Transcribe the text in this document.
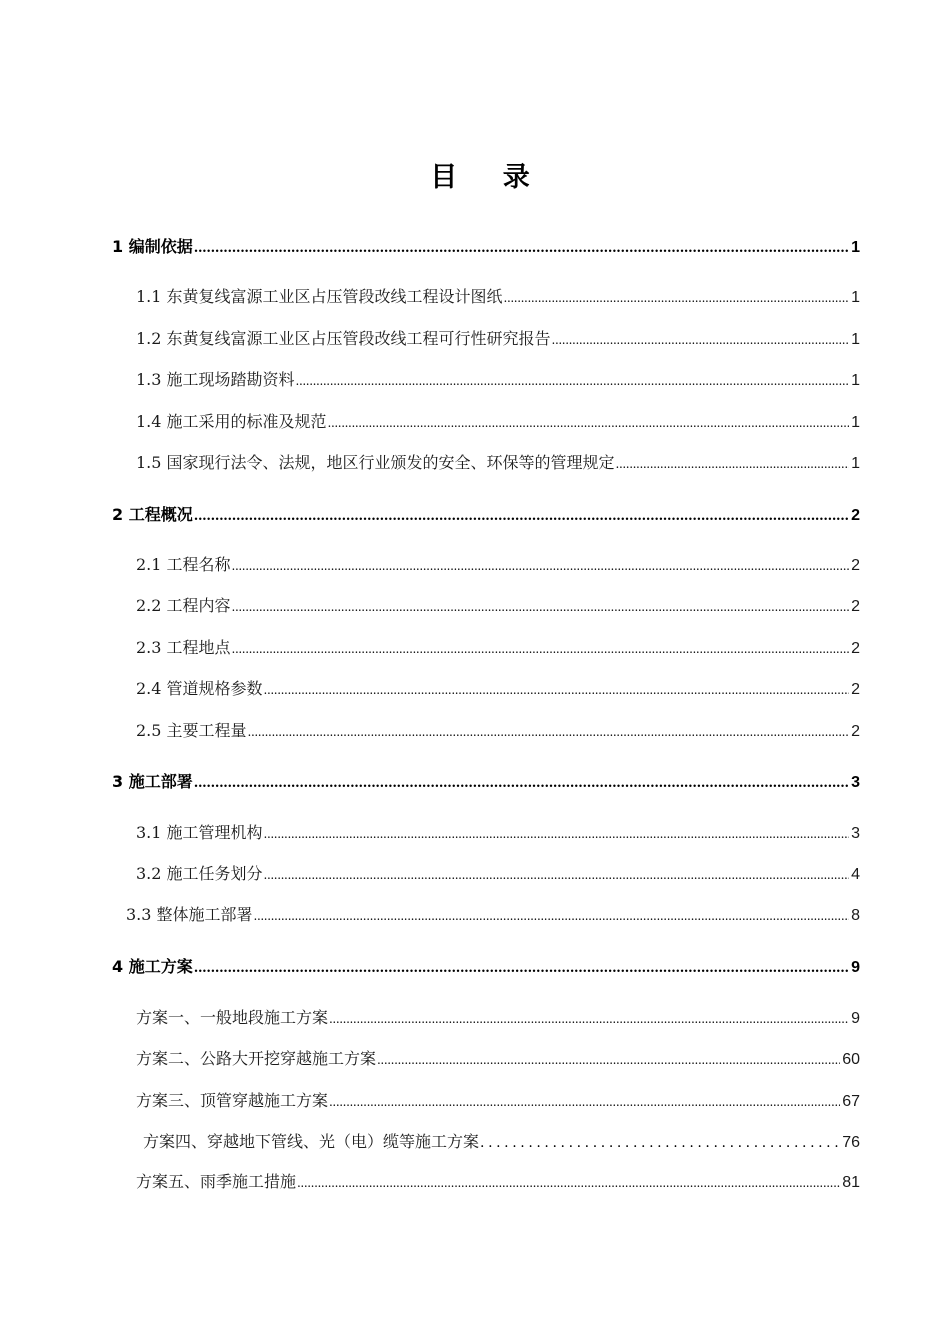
目 录
1 编制依据 .....	1
1.1 东黄复线富源工业区占压管段改线工程设计图纸 .....	1
1.2 东黄复线富源工业区占压管段改线工程可行性研究报告 .....	1
1.3 施工现场踏勘资料 .....	1
1.4 施工采用的标准及规范 .....	1
1.5 国家现行法令、法规，地区行业颁发的安全、环保等的管理规定 .....	1
2 工程概况 .....	2
2.1 工程名称 .....	2
2.2 工程内容 .....	2
2.3 工程地点 .....	2
2.4 管道规格参数 .....	2
2.5 主要工程量 .....	2
3 施工部署 .....	3
3.1 施工管理机构 .....	3
3.2 施工任务划分 .....	4
3.3 整体施工部署 .....	8
4 施工方案 .....	9
方案一、一般地段施工方案 .....	9
方案二、公路大开挖穿越施工方案 .....	60
方案三、顶管穿越施工方案 .....	67
方案四、穿越地下管线、光（电）缆等施工方案 .....	76
方案五、雨季施工措施 .....	81
